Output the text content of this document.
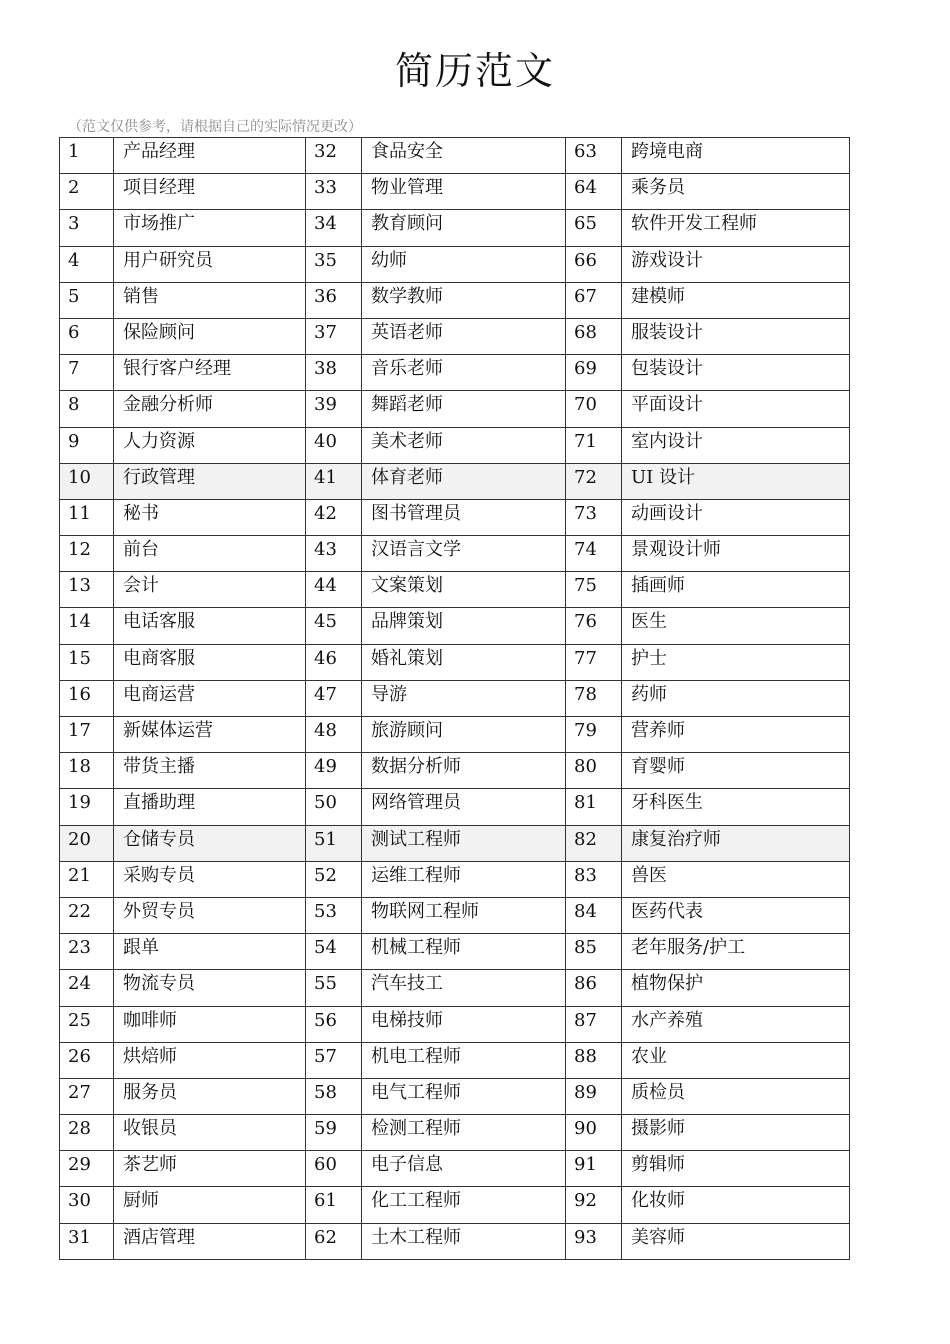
简历范文
（范文仅供参考，请根据自己的实际情况更改）
1	产品经理	32	食品安全	63	跨境电商
2	项目经理	33	物业管理	64	乘务员
3	市场推广	34	教育顾问	65	软件开发工程师
4	用户研究员	35	幼师	66	游戏设计
5	销售	36	数学教师	67	建模师
6	保险顾问	37	英语老师	68	服装设计
7	银行客户经理	38	音乐老师	69	包装设计
8	金融分析师	39	舞蹈老师	70	平面设计
9	人力资源	40	美术老师	71	室内设计
10	行政管理	41	体育老师	72	UI 设计
11	秘书	42	图书管理员	73	动画设计
12	前台	43	汉语言文学	74	景观设计师
13	会计	44	文案策划	75	插画师
14	电话客服	45	品牌策划	76	医生
15	电商客服	46	婚礼策划	77	护士
16	电商运营	47	导游	78	药师
17	新媒体运营	48	旅游顾问	79	营养师
18	带货主播	49	数据分析师	80	育婴师
19	直播助理	50	网络管理员	81	牙科医生
20	仓储专员	51	测试工程师	82	康复治疗师
21	采购专员	52	运维工程师	83	兽医
22	外贸专员	53	物联网工程师	84	医药代表
23	跟单	54	机械工程师	85	老年服务/护工
24	物流专员	55	汽车技工	86	植物保护
25	咖啡师	56	电梯技师	87	水产养殖
26	烘焙师	57	机电工程师	88	农业
27	服务员	58	电气工程师	89	质检员
28	收银员	59	检测工程师	90	摄影师
29	茶艺师	60	电子信息	91	剪辑师
30	厨师	61	化工工程师	92	化妆师
31	酒店管理	62	土木工程师	93	美容师
